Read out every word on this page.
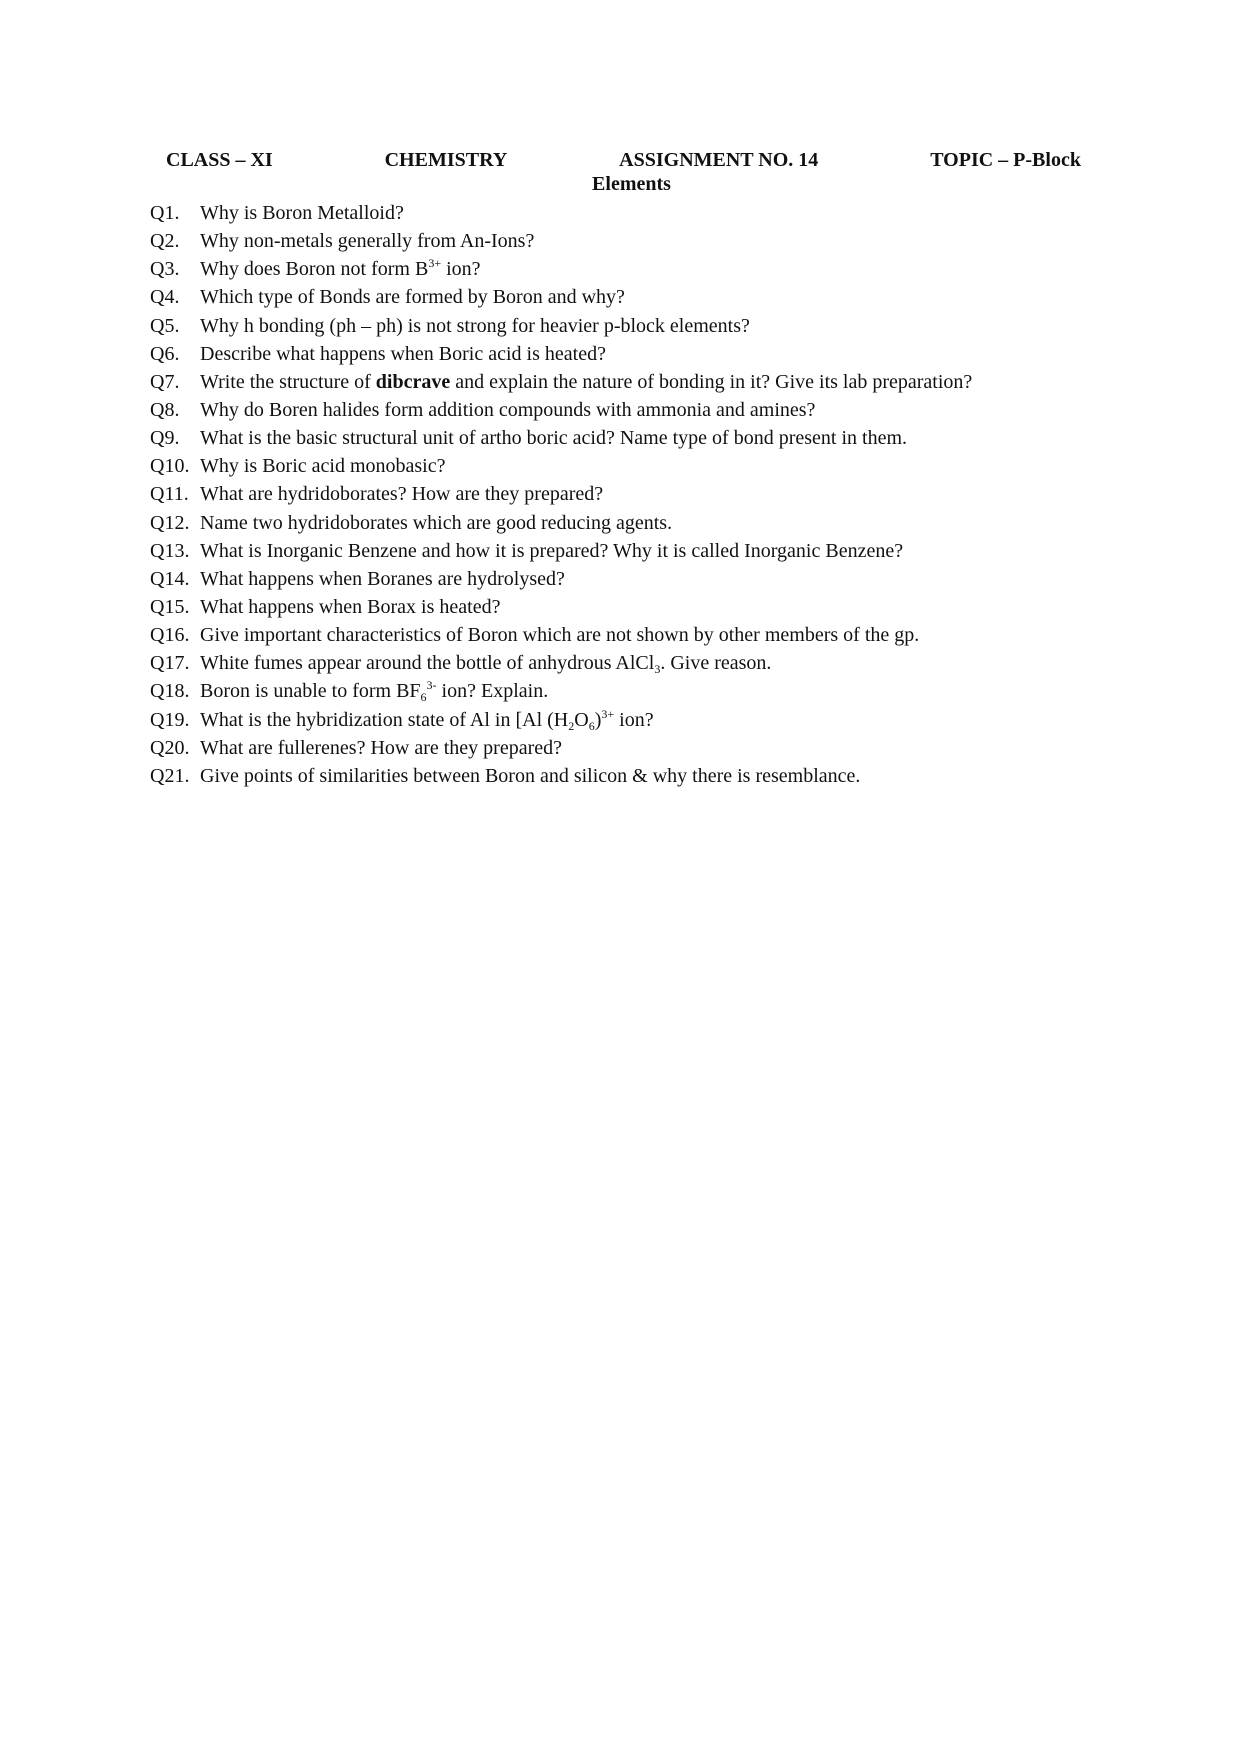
CLASS – XI	CHEMISTRY	ASSIGNMENT NO. 14	TOPIC – P-Block
Elements
Q1.	Why is Boron Metalloid?
Q2.	Why non-metals generally from An-Ions?
Q3.	Why does Boron not form $B^{3+}$ ion?
Q4.	Which type of Bonds are formed by Boron and why?
Q5.	Why h bonding (ph – ph) is not strong for heavier p-block elements?
Q6.	Describe what happens when Boric acid is heated?
Q7.	Write the structure of dibcrave and explain the nature of bonding in it? Give its lab preparation?
Q8.	Why do Boren halides form addition compounds with ammonia and amines?
Q9.	What is the basic structural unit of artho boric acid? Name type of bond present in them.
Q10. Why is Boric acid monobasic?
Q11. What are hydridoborates? How are they prepared?
Q12. Name two hydridoborates which are good reducing agents.
Q13. What is Inorganic Benzene and how it is prepared? Why it is called Inorganic Benzene?
Q14. What happens when Boranes are hydrolysed?
Q15. What happens when Borax is heated?
Q16. Give important characteristics of Boron which are not shown by other members of the gp.
Q17. White fumes appear around the bottle of anhydrous AlCl$_3$. Give reason.
Q18. Boron is unable to form $BF_6^{3-}$ ion? Explain.
Q19. What is the hybridization state of Al in [Al $(H_2O_6)^{3+}$ ion?
Q20. What are fullerenes? How are they prepared?
Q21. Give points of similarities between Boron and silicon & why there is resemblance.
